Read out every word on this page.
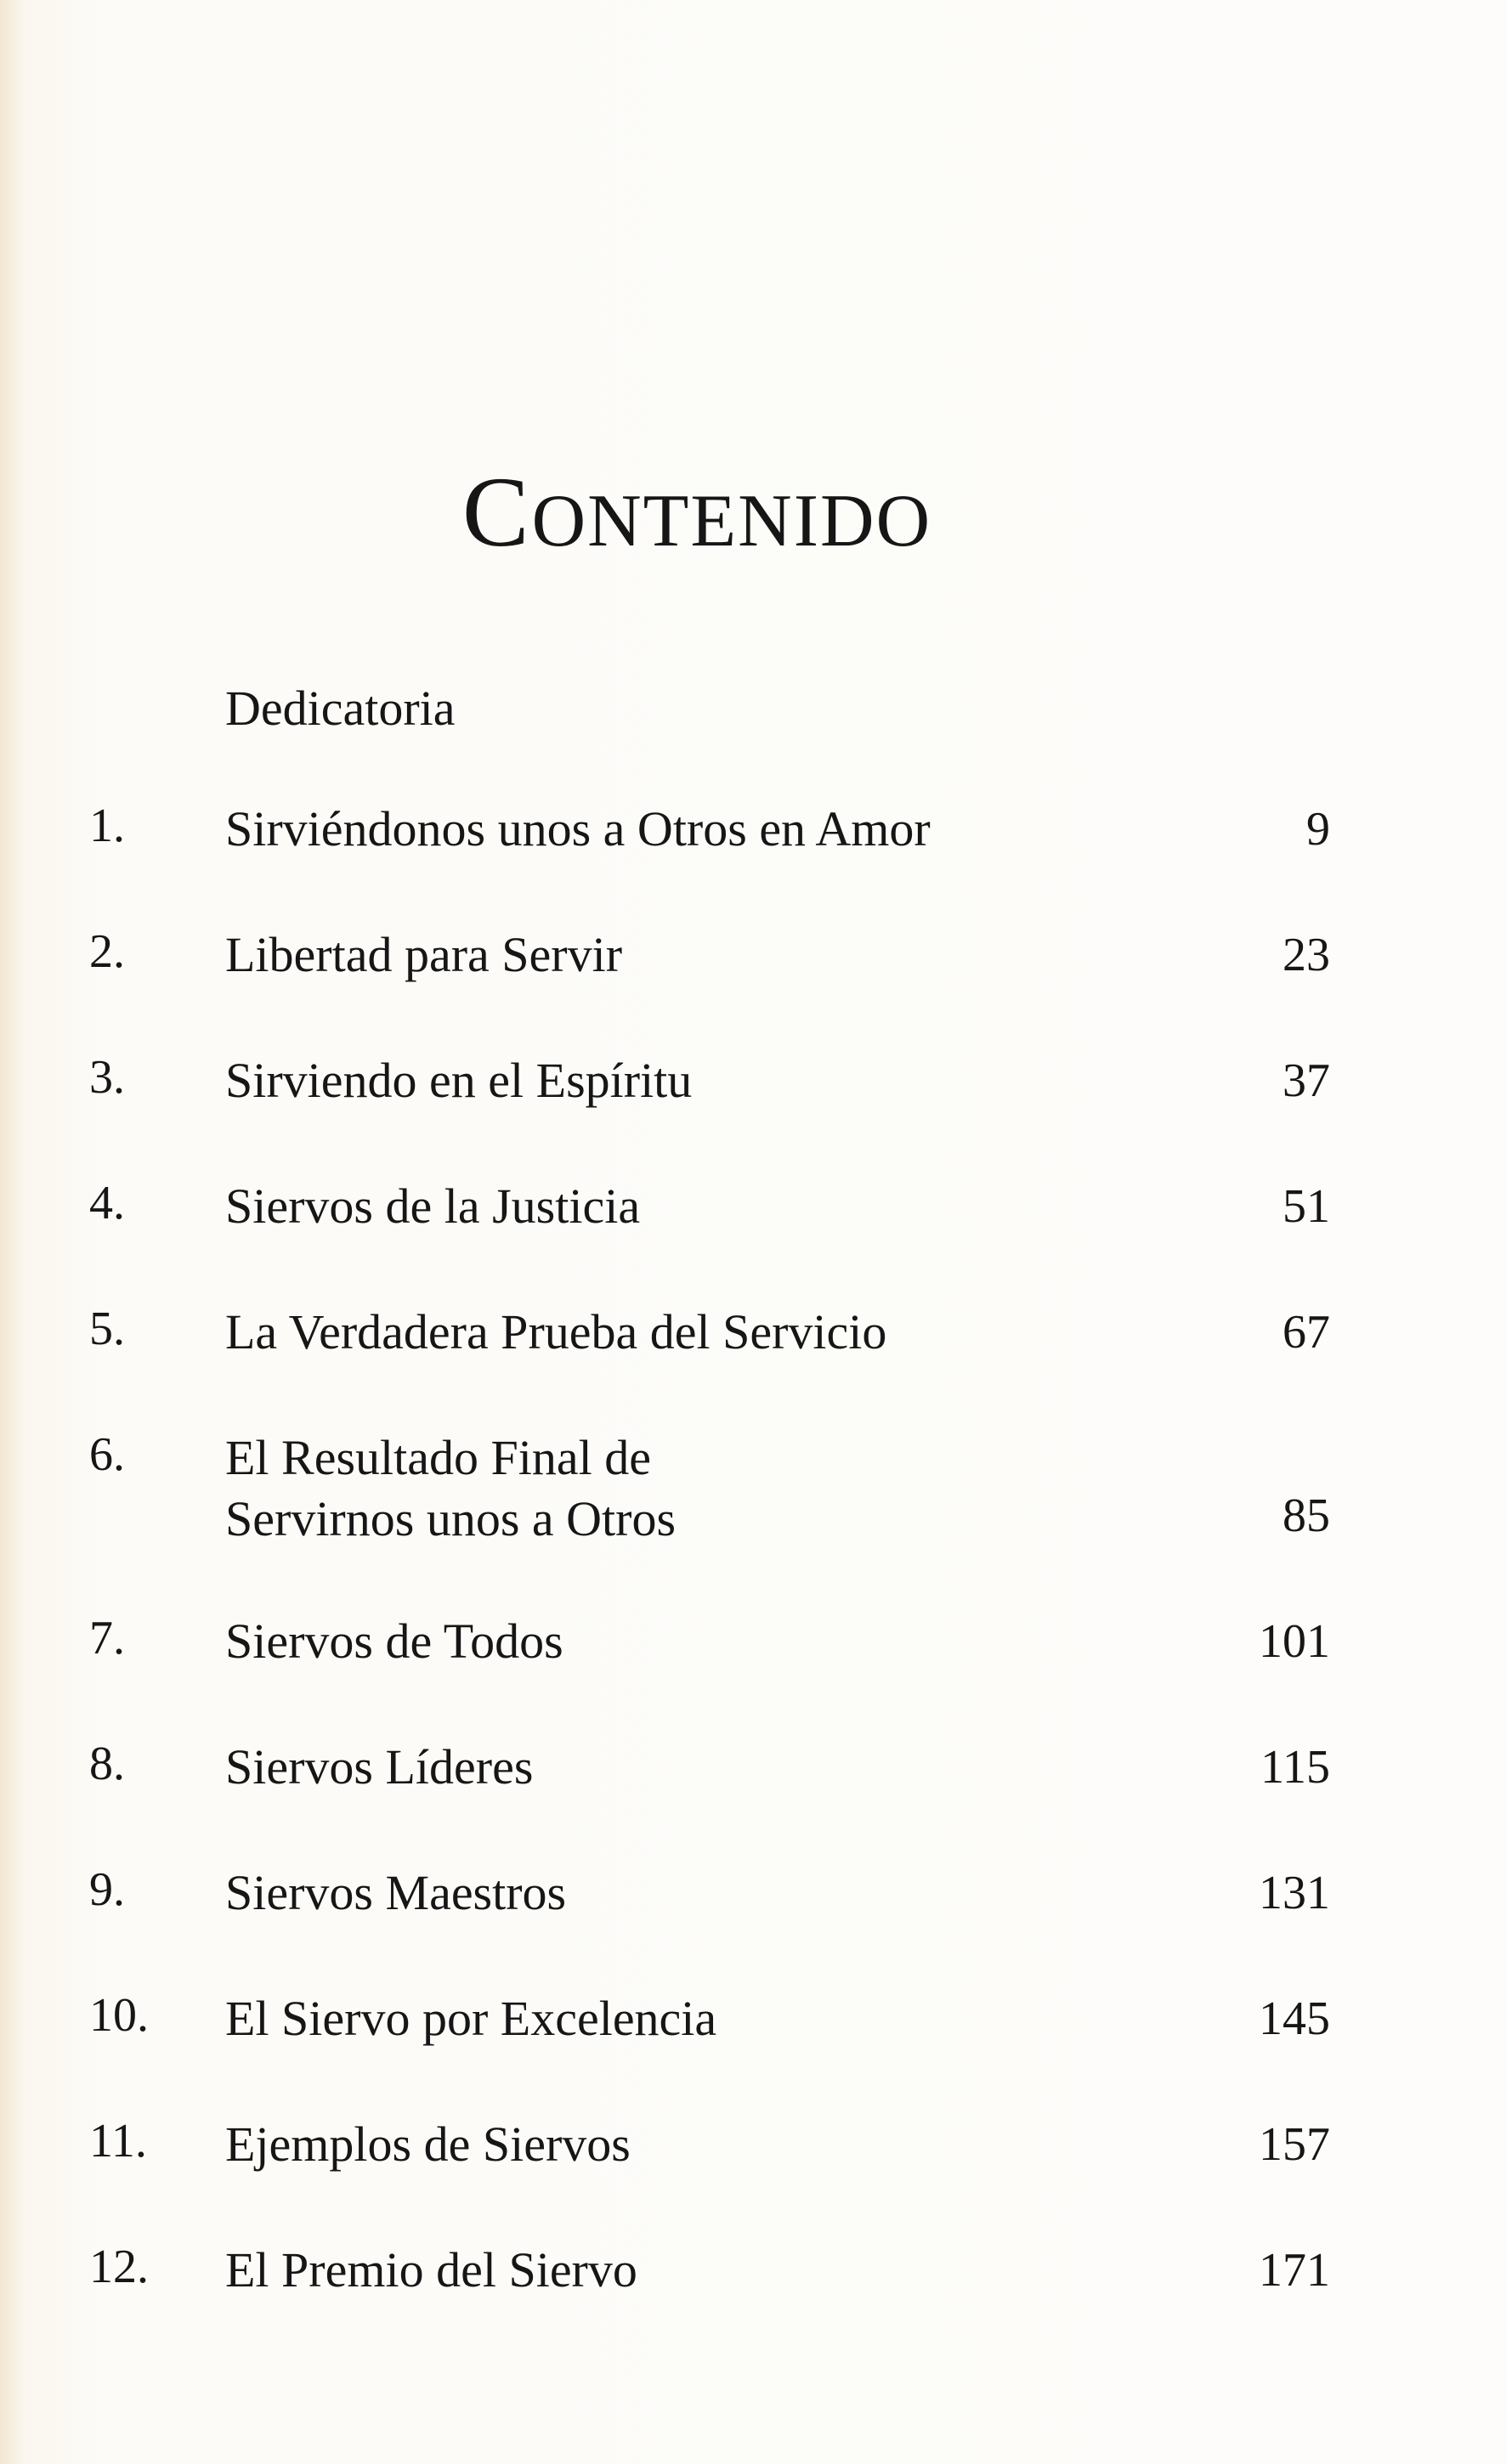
CONTENIDO

Dedicatoria

1. Sirviéndonos unos a Otros en Amor	9
2. Libertad para Servir	23
3. Sirviendo en el Espíritu	37
4. Siervos de la Justicia	51
5. La Verdadera Prueba del Servicio	67
6. El Resultado Final de
Servirnos unos a Otros	85
7. Siervos de Todos	101
8. Siervos Líderes	115
9. Siervos Maestros	131
10. El Siervo por Excelencia	145
11. Ejemplos de Siervos	157
12. El Premio del Siervo	171
